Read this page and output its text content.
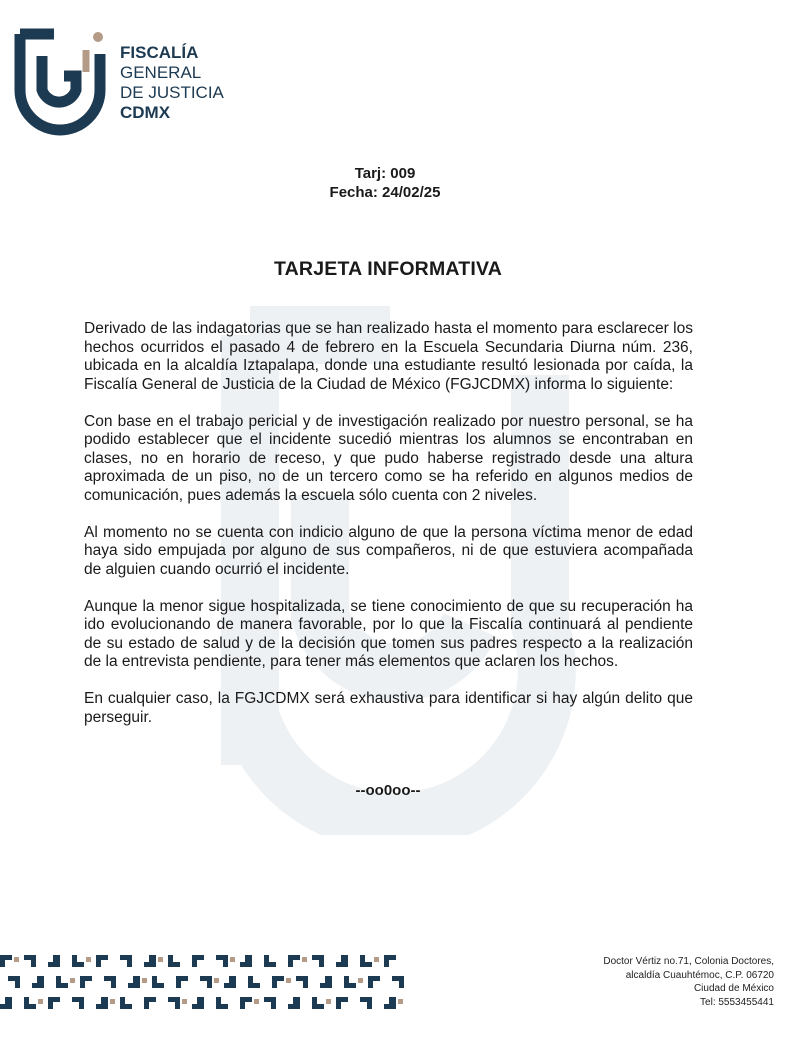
FISCALÍA
GENERAL
DE JUSTICIA
CDMX
Tarj: 009
Fecha: 24/02/25
TARJETA INFORMATIVA

Derivado de las indagatorias que se han realizado hasta el momento para esclarecer los hechos ocurridos el pasado 4 de febrero en la Escuela Secundaria Diurna núm. 236, ubicada en la alcaldía Iztapalapa, donde una estudiante resultó lesionada por caída, la Fiscalía General de Justicia de la Ciudad de México (FGJCDMX) informa lo siguiente:

Con base en el trabajo pericial y de investigación realizado por nuestro personal, se ha podido establecer que el incidente sucedió mientras los alumnos se encontraban en clases, no en horario de receso, y que pudo haberse registrado desde una altura aproximada de un piso, no de un tercero como se ha referido en algunos medios de comunicación, pues además la escuela sólo cuenta con 2 niveles.

Al momento no se cuenta con indicio alguno de que la persona víctima menor de edad haya sido empujada por alguno de sus compañeros, ni de que estuviera acompañada de alguien cuando ocurrió el incidente.

Aunque la menor sigue hospitalizada, se tiene conocimiento de que su recuperación ha ido evolucionando de manera favorable, por lo que la Fiscalía continuará al pendiente de su estado de salud y de la decisión que tomen sus padres respecto a la realización de la entrevista pendiente, para tener más elementos que aclaren los hechos.

En cualquier caso, la FGJCDMX será exhaustiva para identificar si hay algún delito que perseguir.

--oo0oo--
Doctor Vértiz no.71, Colonia Doctores,
alcaldía Cuauhtémoc, C.P. 06720
Ciudad de México
Tel: 5553455441
